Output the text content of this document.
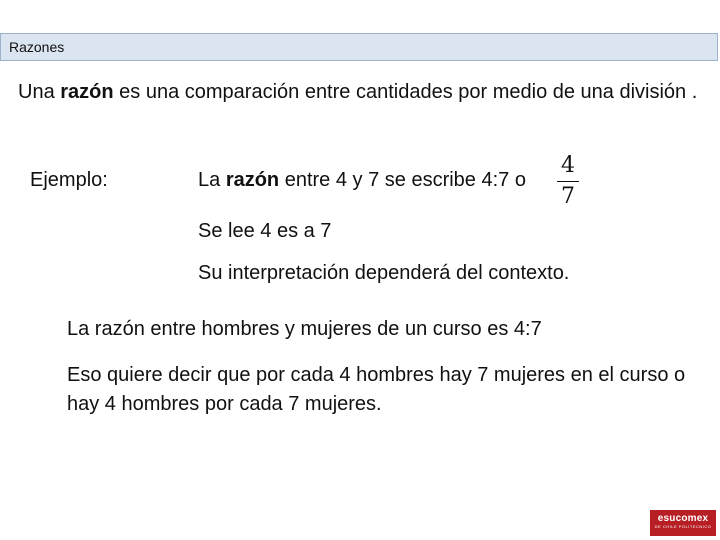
Razones
Una razón es una comparación entre cantidades por medio de una división .
Ejemplo:	La razón entre 4 y 7 se escribe 4:7 o
4
7
Se lee 4 es a 7
Su interpretación dependerá del contexto.
La razón entre hombres y mujeres de un curso es 4:7
Eso quiere decir que por cada 4 hombres hay 7 mujeres en el curso o hay 4 hombres por cada 7 mujeres.
esucomex
DE CHILE POLITECNICO
